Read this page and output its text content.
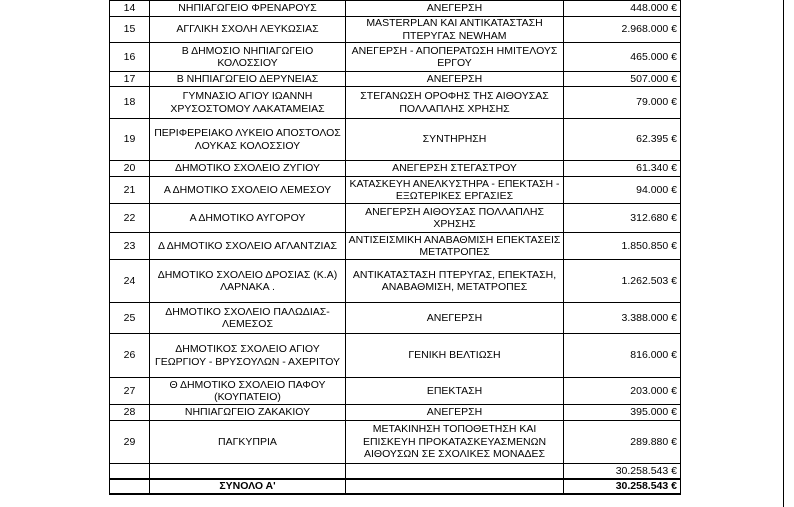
14	ΝΗΠΙΑΓΩΓΕΙΟ ΦΡΕΝΑΡΟΥΣ	ΑΝΕΓΕΡΣΗ	448.000 €
15	ΑΓΓΛΙΚΗ ΣΧΟΛΗ ΛΕΥΚΩΣΙΑΣ	MASTERPLAN ΚΑΙ ΑΝΤΙΚΑΤΑΣΤΑΣΗ ΠΤΕΡΥΓΑΣ NEWHAM	2.968.000 €
16	Β ΔΗΜΟΣΙΟ ΝΗΠΙΑΓΩΓΕΙΟ ΚΟΛΟΣΣΙΟΥ	ΑΝΕΓΕΡΣΗ - ΑΠΟΠΕΡΑΤΩΣΗ ΗΜΙΤΕΛΟΥΣ ΕΡΓΟΥ	465.000 €
17	Β ΝΗΠΙΑΓΩΓΕΙΟ ΔΕΡΥΝΕΙΑΣ	ΑΝΕΓΕΡΣΗ	507.000 €
18	ΓΥΜΝΑΣΙΟ ΑΓΙΟΥ ΙΩΑΝΝΗ ΧΡΥΣΟΣΤΟΜΟΥ ΛΑΚΑΤΑΜΕΙΑΣ	ΣΤΕΓΑΝΩΣΗ ΟΡΟΦΗΣ ΤΗΣ ΑΙΘΟΥΣΑΣ ΠΟΛΛΑΠΛΗΣ ΧΡΗΣΗΣ	79.000 €
19	ΠΕΡΙΦΕΡΕΙΑΚΟ ΛΥΚΕΙΟ ΑΠΟΣΤΟΛΟΣ ΛΟΥΚΑΣ ΚΟΛΟΣΣΙΟΥ	ΣΥΝΤΗΡΗΣΗ	62.395 €
20	ΔΗΜΟΤΙΚΟ ΣΧΟΛΕΙΟ ΖΥΓΙΟΥ	ΑΝΕΓΕΡΣΗ ΣΤΕΓΑΣΤΡΟΥ	61.340 €
21	Α ΔΗΜΟΤΙΚΟ ΣΧΟΛΕΙΟ ΛΕΜΕΣΟΥ	ΚΑΤΑΣΚΕΥΗ ΑΝΕΛΚΥΣΤΗΡΑ - ΕΠΕΚΤΑΣΗ - ΕΞΩΤΕΡΙΚΕΣ ΕΡΓΑΣΙΕΣ	94.000 €
22	Α ΔΗΜΟΤΙΚΟ ΑΥΓΟΡΟΥ	ΑΝΕΓΕΡΣΗ ΑΙΘΟΥΣΑΣ ΠΟΛΛΑΠΛΗΣ ΧΡΗΣΗΣ	312.680 €
23	Δ ΔΗΜΟΤΙΚΟ ΣΧΟΛΕΙΟ ΑΓΛΑΝΤΖΙΑΣ	ΑΝΤΙΣΕΙΣΜΙΚΗ ΑΝΑΒΑΘΜΙΣΗ ΕΠΕΚΤΑΣΕΙΣ ΜΕΤΑΤΡΟΠΕΣ	1.850.850 €
24	ΔΗΜΟΤΙΚΟ ΣΧΟΛΕΙΟ ΔΡΟΣΙΑΣ (Κ.Α) ΛΑΡΝΑΚΑ .	ΑΝΤΙΚΑΤΑΣΤΑΣΗ ΠΤΕΡΥΓΑΣ, ΕΠΕΚΤΑΣΗ, ΑΝΑΒΑΘΜΙΣΗ, ΜΕΤΑΤΡΟΠΕΣ	1.262.503 €
25	ΔΗΜΟΤΙΚΟ ΣΧΟΛΕΙΟ ΠΑΛΩΔΙΑΣ-ΛΕΜΕΣΟΣ	ΑΝΕΓΕΡΣΗ	3.388.000 €
26	ΔΗΜΟΤΙΚΟΣ ΣΧΟΛΕΙΟ ΑΓΙΟΥ ΓΕΩΡΓΙΟΥ - ΒΡΥΣΟΥΛΩΝ - ΑΧΕΡΙΤΟΥ	ΓΕΝΙΚΗ ΒΕΛΤΙΩΣΗ	816.000 €
27	Θ ΔΗΜΟΤΙΚΟ ΣΧΟΛΕΙΟ ΠΑΦΟΥ (ΚΟΥΠΑΤΕΙΟ)	ΕΠΕΚΤΑΣΗ	203.000 €
28	ΝΗΠΙΑΓΩΓΕΙΟ ΖΑΚΑΚΙΟΥ	ΑΝΕΓΕΡΣΗ	395.000 €
29	ΠΑΓΚΥΠΡΙΑ	ΜΕΤΑΚΙΝΗΣΗ ΤΟΠΟΘΕΤΗΣΗ ΚΑΙ ΕΠΙΣΚΕΥΗ ΠΡΟΚΑΤΑΣΚΕΥΑΣΜΕΝΩΝ ΑΙΘΟΥΣΩΝ ΣΕ ΣΧΟΛΙΚΕΣ ΜΟΝΑΔΕΣ	289.880 €
			30.258.543 €
	ΣΥΝΟΛΟ Α'		30.258.543 €
